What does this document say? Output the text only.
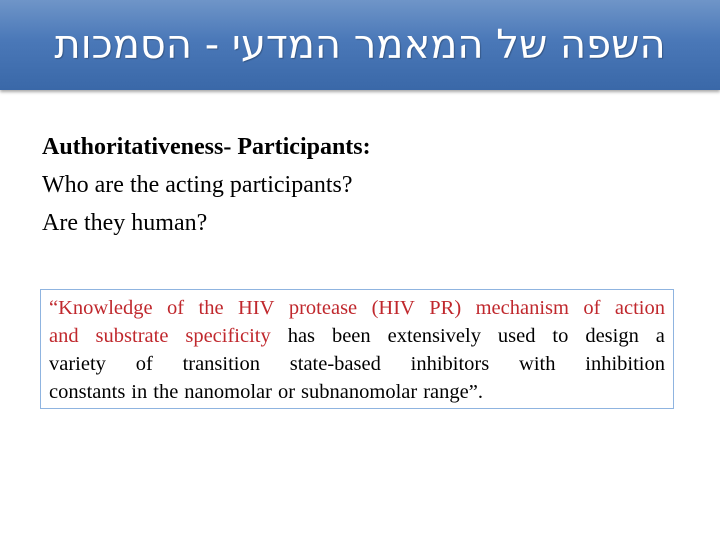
השפה של המאמר המדעי - הסמכות
Authoritativeness- Participants:
Who are the acting participants?
Are they human?
“Knowledge of the HIV protease (HIV PR) mechanism of action
and substrate specificity has been extensively used to design a
variety of transition state-based inhibitors with inhibition
constants in the nanomolar or subnanomolar range”.
